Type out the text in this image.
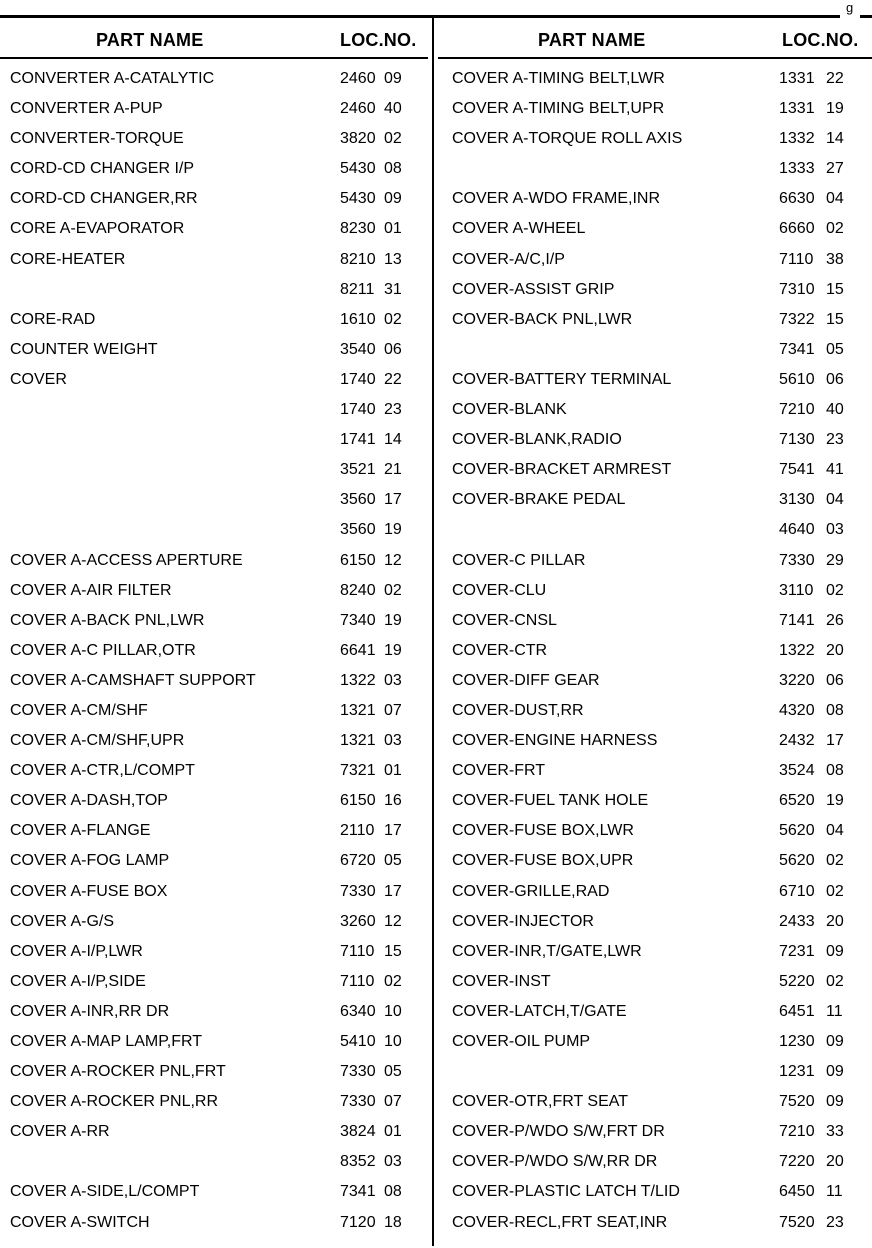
g
PART NAME	LOC.NO.	PART NAME	LOC.NO.
CONVERTER A-CATALYTIC	2460 09
CONVERTER A-PUP	2460 40
CONVERTER-TORQUE	3820 02
CORD-CD CHANGER I/P	5430 08
CORD-CD CHANGER,RR	5430 09
CORE A-EVAPORATOR	8230 01
CORE-HEATER	8210 13
8211 31
CORE-RAD	1610 02
COUNTER WEIGHT	3540 06
COVER	1740 22
1740 23
1741 14
3521 21
3560 17
3560 19
COVER A-ACCESS APERTURE	6150 12
COVER A-AIR FILTER	8240 02
COVER A-BACK PNL,LWR	7340 19
COVER A-C PILLAR,OTR	6641 19
COVER A-CAMSHAFT SUPPORT	1322 03
COVER A-CM/SHF	1321 07
COVER A-CM/SHF,UPR	1321 03
COVER A-CTR,L/COMPT	7321 01
COVER A-DASH,TOP	6150 16
COVER A-FLANGE	2110 17
COVER A-FOG LAMP	6720 05
COVER A-FUSE BOX	7330 17
COVER A-G/S	3260 12
COVER A-I/P,LWR	7110 15
COVER A-I/P,SIDE	7110 02
COVER A-INR,RR DR	6340 10
COVER A-MAP LAMP,FRT	5410 10
COVER A-ROCKER PNL,FRT	7330 05
COVER A-ROCKER PNL,RR	7330 07
COVER A-RR	3824 01
8352 03
COVER A-SIDE,L/COMPT	7341 08
COVER A-SWITCH	7120 18
COVER A-TIMING BELT,LWR	1331 22
COVER A-TIMING BELT,UPR	1331 19
COVER A-TORQUE ROLL AXIS	1332 14
1333 27
COVER A-WDO FRAME,INR	6630 04
COVER A-WHEEL	6660 02
COVER-A/C,I/P	7110 38
COVER-ASSIST GRIP	7310 15
COVER-BACK PNL,LWR	7322 15
7341 05
COVER-BATTERY TERMINAL	5610 06
COVER-BLANK	7210 40
COVER-BLANK,RADIO	7130 23
COVER-BRACKET ARMREST	7541 41
COVER-BRAKE PEDAL	3130 04
4640 03
COVER-C PILLAR	7330 29
COVER-CLU	3110 02
COVER-CNSL	7141 26
COVER-CTR	1322 20
COVER-DIFF GEAR	3220 06
COVER-DUST,RR	4320 08
COVER-ENGINE HARNESS	2432 17
COVER-FRT	3524 08
COVER-FUEL TANK HOLE	6520 19
COVER-FUSE BOX,LWR	5620 04
COVER-FUSE BOX,UPR	5620 02
COVER-GRILLE,RAD	6710 02
COVER-INJECTOR	2433 20
COVER-INR,T/GATE,LWR	7231 09
COVER-INST	5220 02
COVER-LATCH,T/GATE	6451 11
COVER-OIL PUMP	1230 09
1231 09
COVER-OTR,FRT SEAT	7520 09
COVER-P/WDO S/W,FRT DR	7210 33
COVER-P/WDO S/W,RR DR	7220 20
COVER-PLASTIC LATCH T/LID	6450 11
COVER-RECL,FRT SEAT,INR	7520 23
